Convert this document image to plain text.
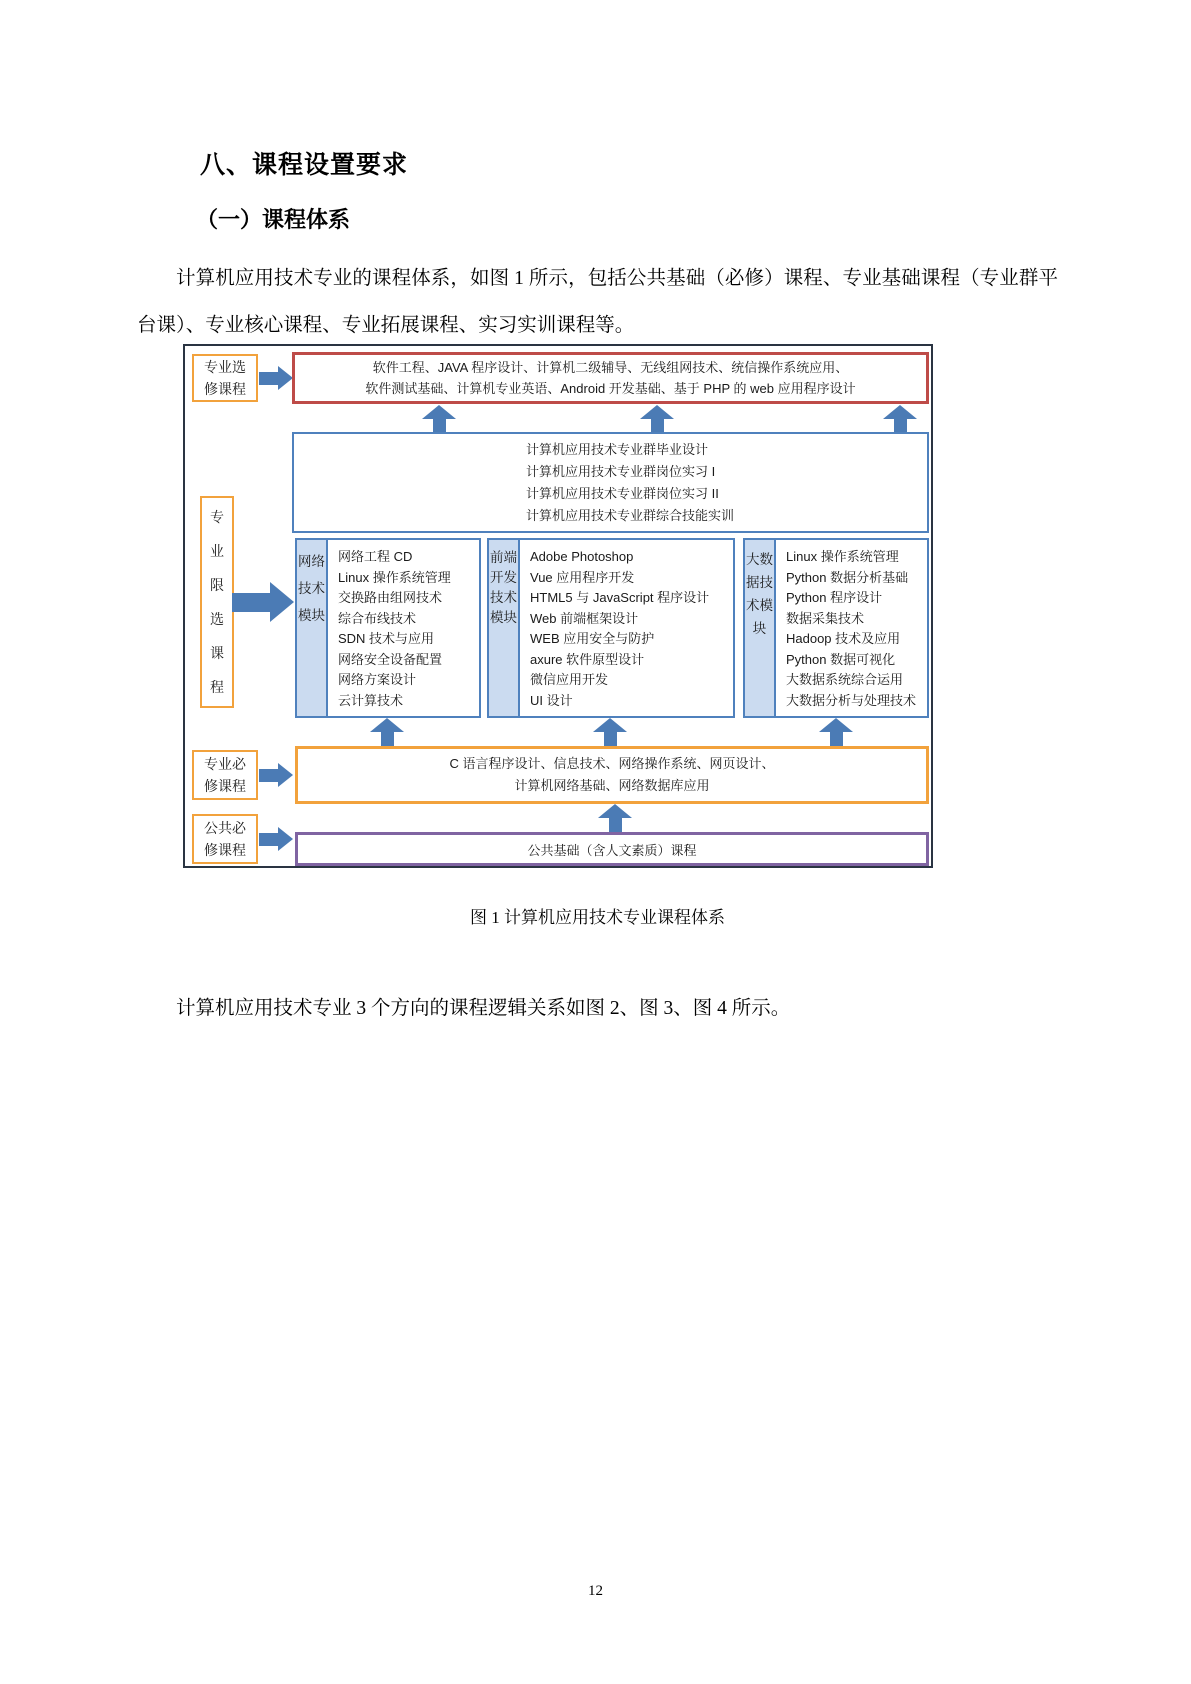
八、课程设置要求
（一）课程体系
计算机应用技术专业的课程体系，如图 1 所示，包括公共基础（必修）课程、专业基础课程（专业群平台课）、专业核心课程、专业拓展课程、实习实训课程等。
专业选修课程
专业限选课程
专业必修课程
公共必修课程
软件工程、JAVA 程序设计、计算机二级辅导、无线组网技术、统信操作系统应用、
软件测试基础、计算机专业英语、Android 开发基础、基于 PHP 的 web 应用程序设计
计算机应用技术专业群毕业设计
计算机应用技术专业群岗位实习 I
计算机应用技术专业群岗位实习 II
计算机应用技术专业群综合技能实训
网络技术模块
网络工程 CD
Linux 操作系统管理
交换路由组网技术
综合布线技术
SDN 技术与应用
网络安全设备配置
网络方案设计
云计算技术
前端开发技术模块
Adobe Photoshop
Vue 应用程序开发
HTML5 与 JavaScript 程序设计
Web 前端框架设计
WEB 应用安全与防护
axure 软件原型设计
微信应用开发
UI 设计
大数据技术模块
Linux 操作系统管理
Python 数据分析基础
Python 程序设计
数据采集技术
Hadoop 技术及应用
Python 数据可视化
大数据系统综合运用
大数据分析与处理技术
C 语言程序设计、信息技术、网络操作系统、网页设计、
计算机网络基础、网络数据库应用
公共基础（含人文素质）课程
图 1 计算机应用技术专业课程体系
计算机应用技术专业 3 个方向的课程逻辑关系如图 2、图 3、图 4 所示。
12
